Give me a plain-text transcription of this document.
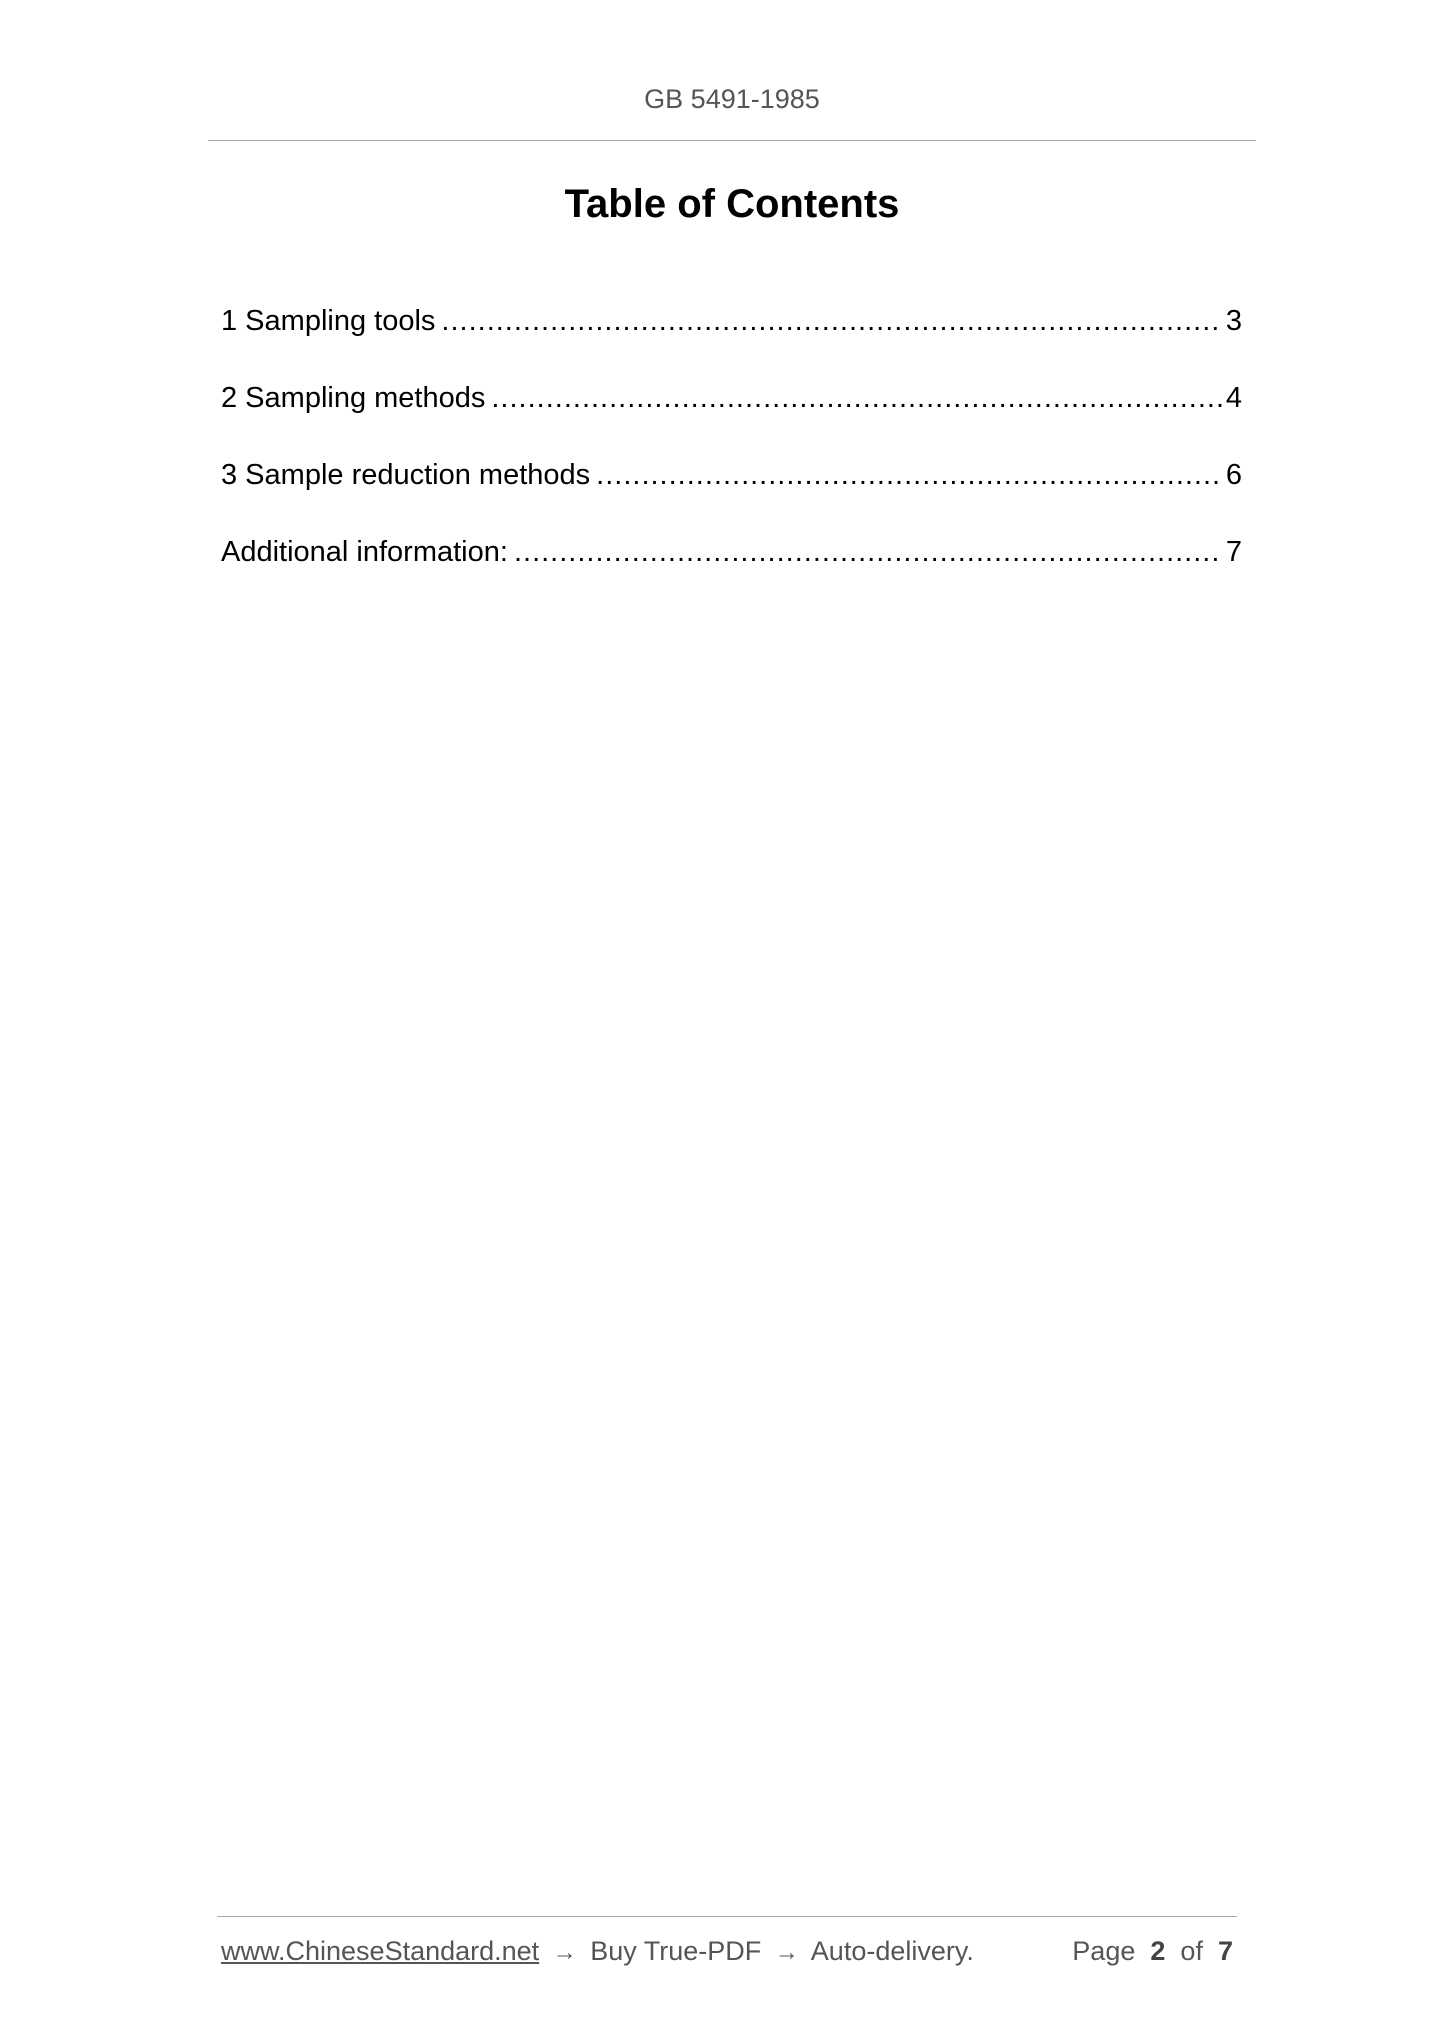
GB 5491-1985
Table of Contents
1 Sampling tools .....	3
2 Sampling methods .....	4
3 Sample reduction methods .....	6
Additional information: .....	7
www.ChineseStandard.net → Buy True-PDF → Auto-delivery.	Page 2 of 7
